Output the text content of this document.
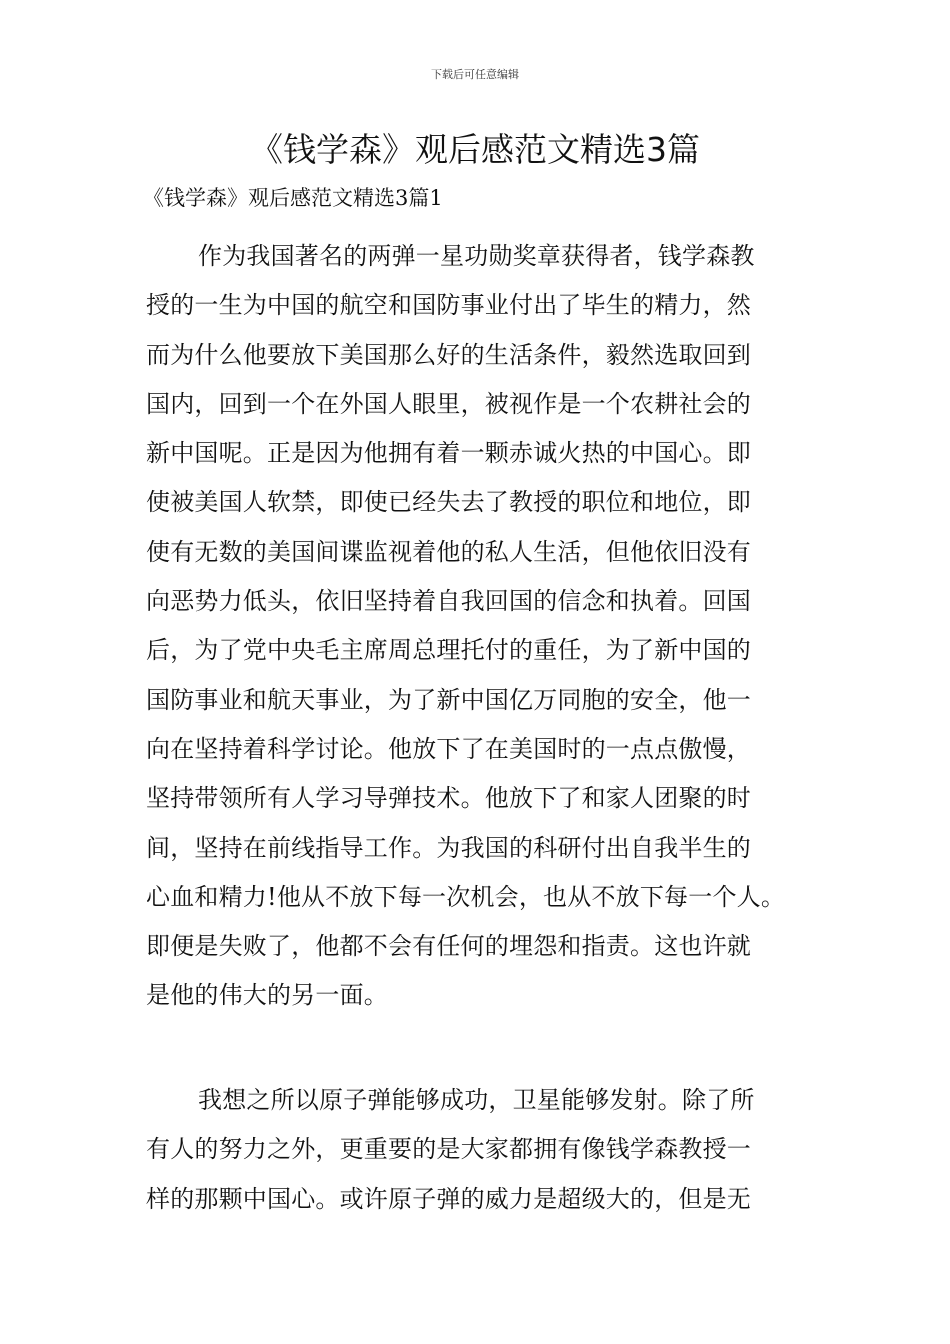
下载后可任意编辑
《钱学森》观后感范文精选3篇
《钱学森》观后感范文精选3篇1
作为我国著名的两弹一星功勋奖章获得者，钱学森教
授的一生为中国的航空和国防事业付出了毕生的精力，然
而为什么他要放下美国那么好的生活条件，毅然选取回到
国内，回到一个在外国人眼里，被视作是一个农耕社会的
新中国呢。正是因为他拥有着一颗赤诚火热的中国心。即
使被美国人软禁，即使已经失去了教授的职位和地位，即
使有无数的美国间谍监视着他的私人生活，但他依旧没有
向恶势力低头，依旧坚持着自我回国的信念和执着。回国
后，为了党中央毛主席周总理托付的重任，为了新中国的
国防事业和航天事业，为了新中国亿万同胞的安全，他一
向在坚持着科学讨论。他放下了在美国时的一点点傲慢，
坚持带领所有人学习导弹技术。他放下了和家人团聚的时
间，坚持在前线指导工作。为我国的科研付出自我半生的
心血和精力!他从不放下每一次机会，也从不放下每一个人。
即便是失败了，他都不会有任何的埋怨和指责。这也许就
是他的伟大的另一面。
我想之所以原子弹能够成功，卫星能够发射。除了所
有人的努力之外，更重要的是大家都拥有像钱学森教授一
样的那颗中国心。或许原子弹的威力是超级大的，但是无
